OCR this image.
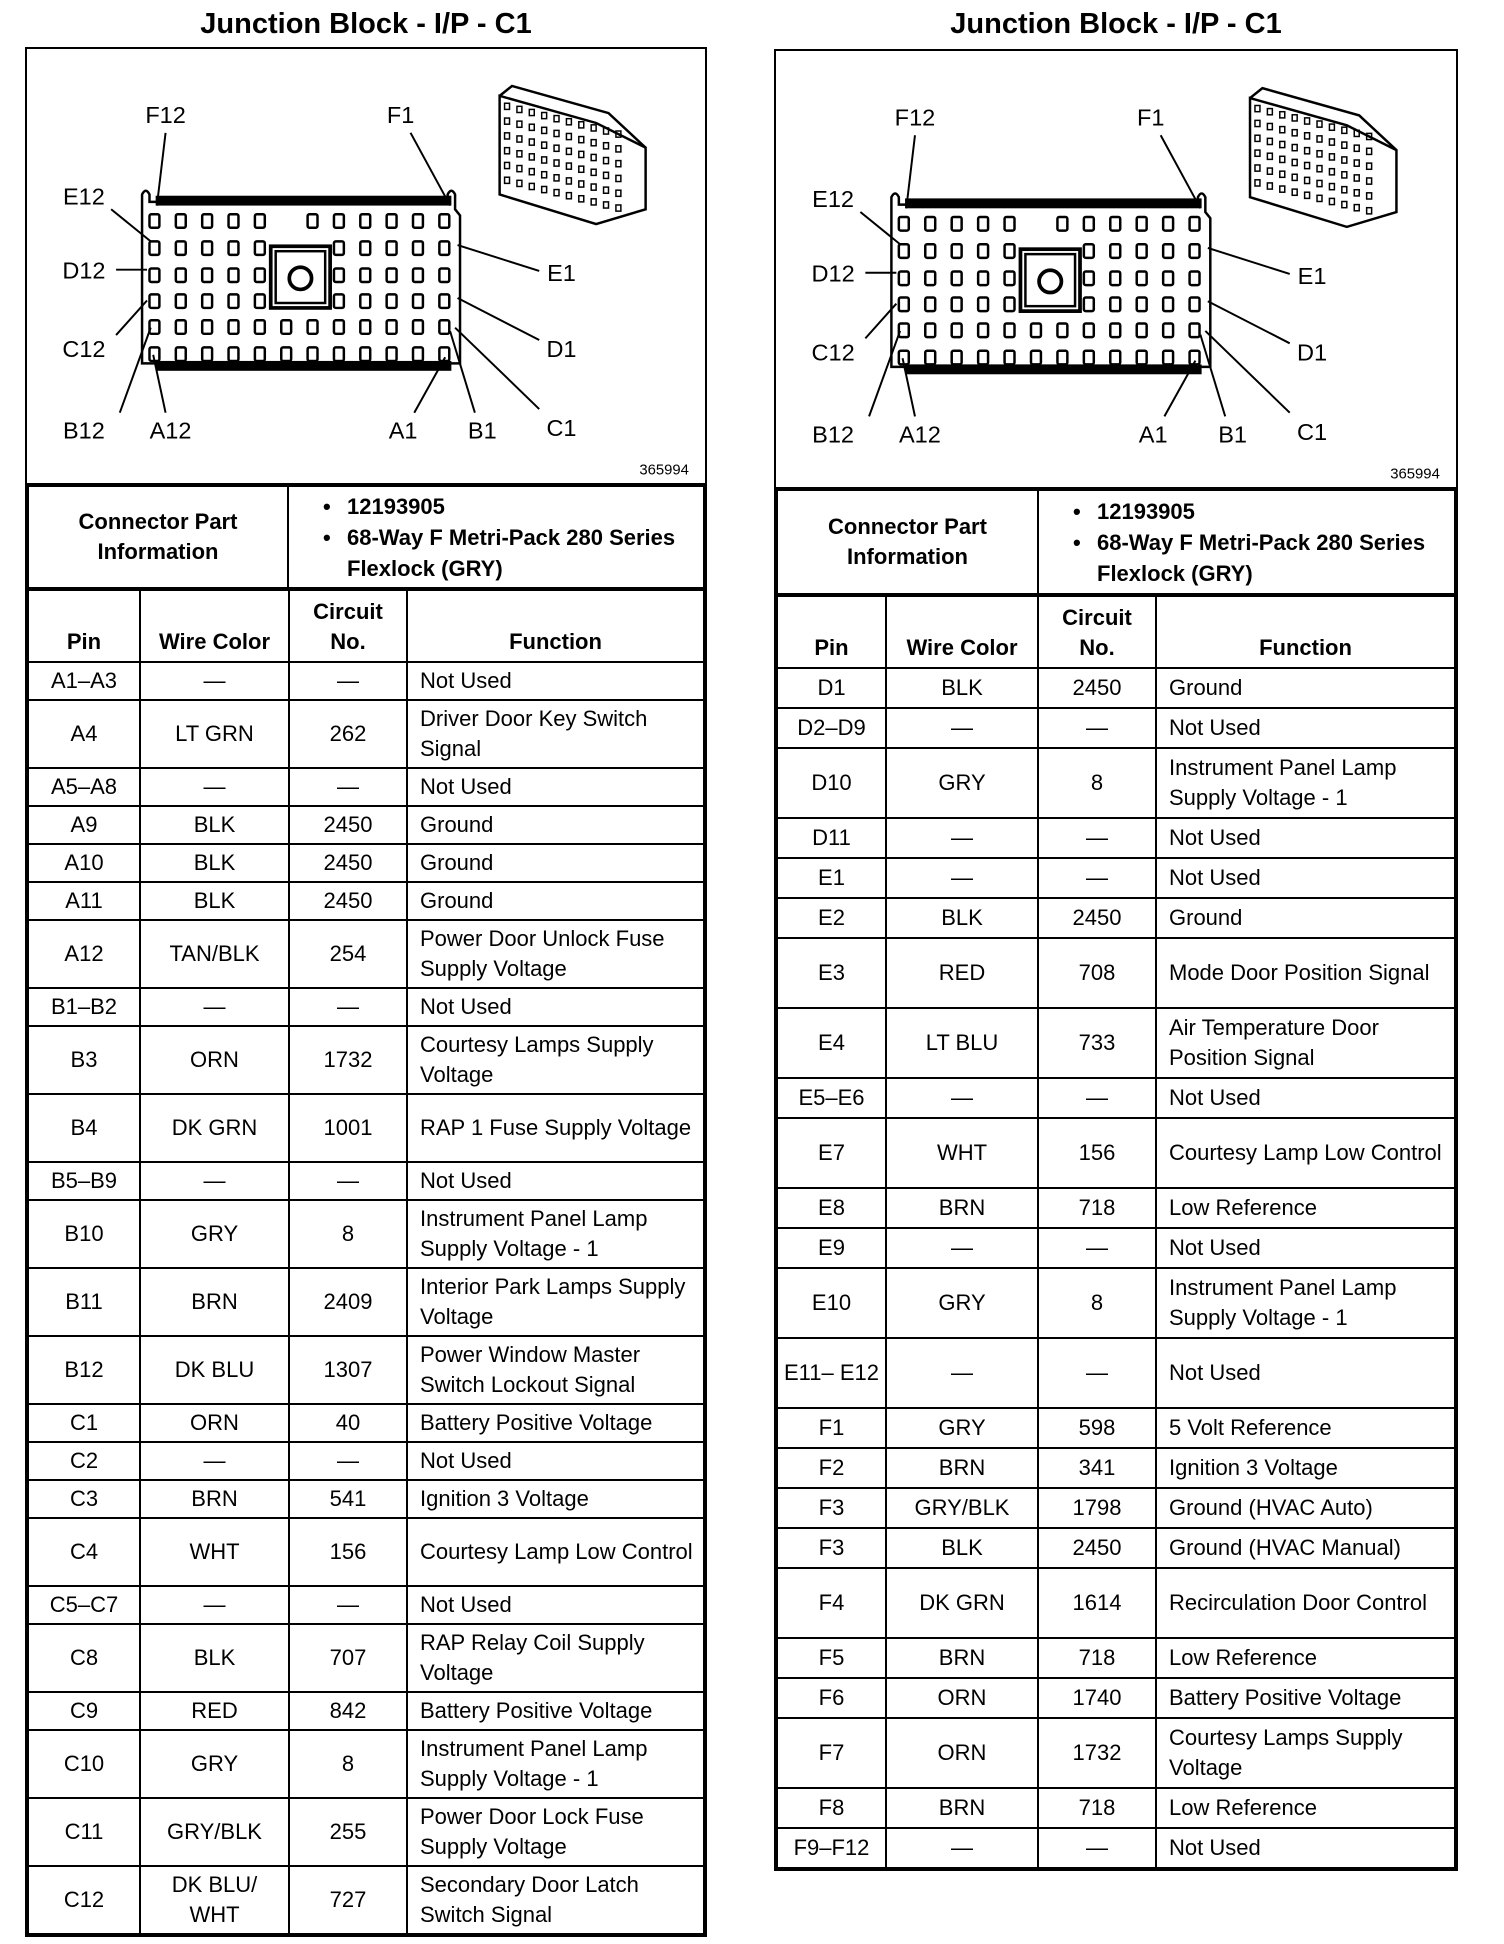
Junction Block - I/P - C1
F12	F1
E12
E1
D12
D1
C12
C1
B12 A12	A1	B1
365994
Connector Part Information	
• 12193905
• 68-Way F Metri-Pack 280 Series Flexlock (GRY)
Pin	Wire Color	Circuit No.	Function
A1–A3	—	—	Not Used
A4	LT GRN	262	Driver Door Key Switch Signal
A5–A8	—	—	Not Used
A9	BLK	2450	Ground
A10	BLK	2450	Ground
A11	BLK	2450	Ground
A12	TAN/BLK	254	Power Door Unlock Fuse Supply Voltage
B1–B2	—	—	Not Used
B3	ORN	1732	Courtesy Lamps Supply Voltage
B4	DK GRN	1001	RAP 1 Fuse Supply Voltage
B5–B9	—	—	Not Used
B10	GRY	8	Instrument Panel Lamp Supply Voltage - 1
B11	BRN	2409	Interior Park Lamps Supply Voltage
B12	DK BLU	1307	Power Window Master Switch Lockout Signal
C1	ORN	40	Battery Positive Voltage
C2	—	—	Not Used
C3	BRN	541	Ignition 3 Voltage
C4	WHT	156	Courtesy Lamp Low Control
C5–C7	—	—	Not Used
C8	BLK	707	RAP Relay Coil Supply Voltage
C9	RED	842	Battery Positive Voltage
C10	GRY	8	Instrument Panel Lamp Supply Voltage - 1
C11	GRY/BLK	255	Power Door Lock Fuse Supply Voltage
C12	DK BLU/ WHT	727	Secondary Door Latch Switch Signal
Junction Block - I/P - C1
F12	F1
E12
E1
D12
D1
C12
C1
B12 A12	A1	B1
365994
Connector Part Information	
• 12193905
• 68-Way F Metri-Pack 280 Series Flexlock (GRY)
Pin	Wire Color	Circuit No.	Function
D1	BLK	2450	Ground
D2–D9	—	—	Not Used
D10	GRY	8	Instrument Panel Lamp Supply Voltage - 1
D11	—	—	Not Used
E1	—	—	Not Used
E2	BLK	2450	Ground
E3	RED	708	Mode Door Position Signal
E4	LT BLU	733	Air Temperature Door Position Signal
E5–E6	—	—	Not Used
E7	WHT	156	Courtesy Lamp Low Control
E8	BRN	718	Low Reference
E9	—	—	Not Used
E10	GRY	8	Instrument Panel Lamp Supply Voltage - 1
E11– E12	—	—	Not Used
F1	GRY	598	5 Volt Reference
F2	BRN	341	Ignition 3 Voltage
F3	GRY/BLK	1798	Ground (HVAC Auto)
F3	BLK	2450	Ground (HVAC Manual)
F4	DK GRN	1614	Recirculation Door Control
F5	BRN	718	Low Reference
F6	ORN	1740	Battery Positive Voltage
F7	ORN	1732	Courtesy Lamps Supply Voltage
F8	BRN	718	Low Reference
F9–F12	—	—	Not Used
